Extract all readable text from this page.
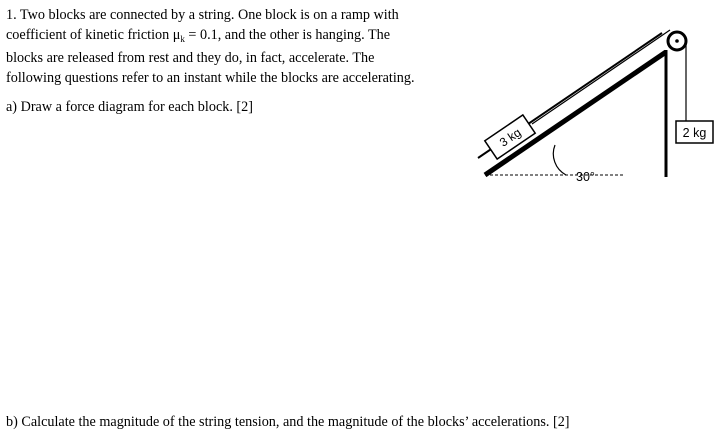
1. Two blocks are connected by a string. One block is on a ramp with
coefficient of kinetic friction $\mu_k = 0.1$, and the other is hanging. The
blocks are released from rest and they do, in fact, accelerate. The
following questions refer to an instant while the blocks are accelerating.
a) Draw a force diagram for each block. [2]
2 kg
3 kg
30°
b) Calculate the magnitude of the string tension, and the magnitude of the blocks’ accelerations. [2]
